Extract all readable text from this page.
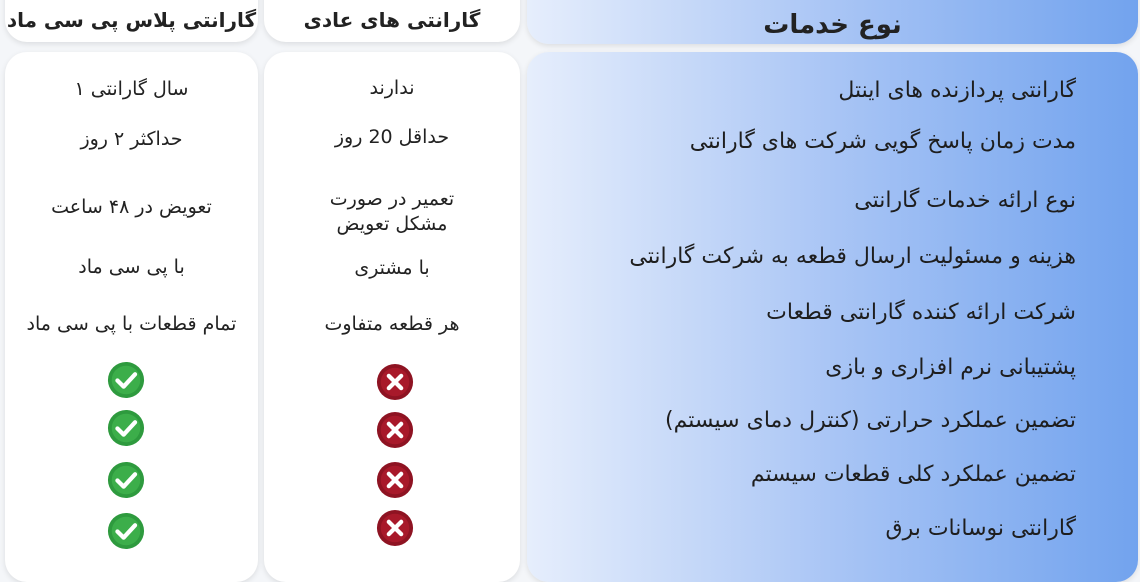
گارانتی پلاس پی سی ماد	گارانتی های عادی	نوع خدمات
۱ سال گارانتی
حداکثر ۲ روز
تعویض در ۴۸ ساعت
با پی سی ماد
تمام قطعات با پی سی ماد
ندارند
حداقل 20 روز
تعمیر در صورت
مشکل تعویض
با مشتری
هر قطعه متفاوت
گارانتی پردازنده های اینتل
مدت زمان پاسخ گویی شرکت های گارانتی
نوع ارائه خدمات گارانتی
هزینه و مسئولیت ارسال قطعه به شرکت گارانتی
شرکت ارائه کننده گارانتی قطعات
پشتیبانی نرم افزاری و بازی
تضمین عملکرد حرارتی (کنترل دمای سیستم)
تضمین عملکرد کلی قطعات سیستم
گارانتی نوسانات برق
